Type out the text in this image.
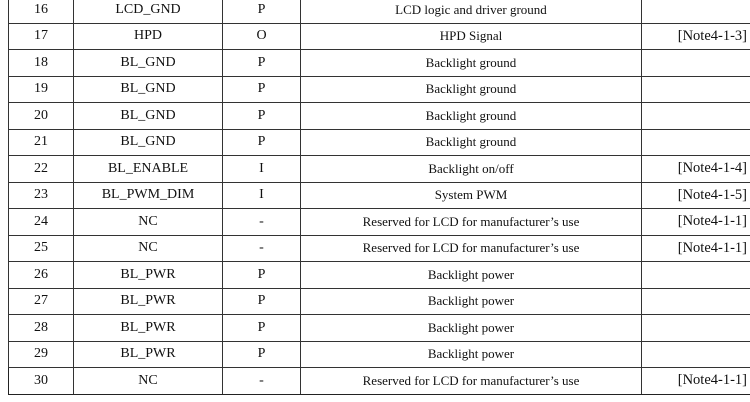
16	LCD_GND	P	LCD logic and driver ground	
17	HPD	O	HPD Signal	[Note4-1-3]
18	BL_GND	P	Backlight ground	
19	BL_GND	P	Backlight ground	
20	BL_GND	P	Backlight ground	
21	BL_GND	P	Backlight ground	
22	BL_ENABLE	I	Backlight on/off	[Note4-1-4]
23	BL_PWM_DIM	I	System PWM	[Note4-1-5]
24	NC	-	Reserved for LCD for manufacturer’s use	[Note4-1-1]
25	NC	-	Reserved for LCD for manufacturer’s use	[Note4-1-1]
26	BL_PWR	P	Backlight power	
27	BL_PWR	P	Backlight power	
28	BL_PWR	P	Backlight power	
29	BL_PWR	P	Backlight power	
30	NC	-	Reserved for LCD for manufacturer’s use	[Note4-1-1]
